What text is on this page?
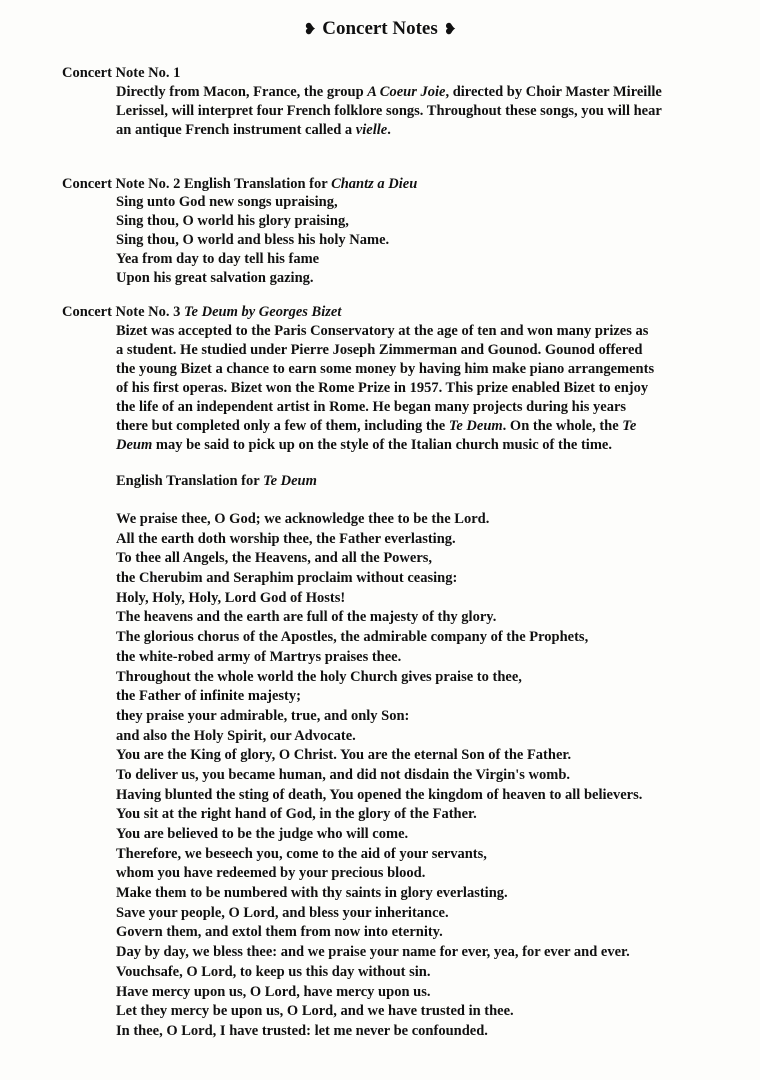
❥ Concert Notes ❥
Concert Note No. 1

Directly from Macon, France, the group A Coeur Joie, directed by Choir Master Mireille

Lerissel, will interpret four French folklore songs. Throughout these songs, you will hear

an antique French instrument called a vielle.

Concert Note No. 2 English Translation for Chantz a Dieu
Sing unto God new songs upraising,
Sing thou, O world his glory praising,
Sing thou, O world and bless his holy Name.
Yea from day to day tell his fame
Upon his great salvation gazing.
Concert Note No. 3 Te Deum by Georges Bizet

Bizet was accepted to the Paris Conservatory at the age of ten and won many prizes as

a student. He studied under Pierre Joseph Zimmerman and Gounod. Gounod offered

the young Bizet a chance to earn some money by having him make piano arrangements

of his first operas. Bizet won the Rome Prize in 1957. This prize enabled Bizet to enjoy

the life of an independent artist in Rome. He began many projects during his years

there but completed only a few of them, including the Te Deum. On the whole, the Te

Deum may be said to pick up on the style of the Italian church music of the time.

English Translation for Te Deum
We praise thee, O God; we acknowledge thee to be the Lord.
All the earth doth worship thee, the Father everlasting.
To thee all Angels, the Heavens, and all the Powers,
the Cherubim and Seraphim proclaim without ceasing:
Holy, Holy, Holy, Lord God of Hosts!
The heavens and the earth are full of the majesty of thy glory.
The glorious chorus of the Apostles, the admirable company of the Prophets,
the white-robed army of Martrys praises thee.
Throughout the whole world the holy Church gives praise to thee,
the Father of infinite majesty;
they praise your admirable, true, and only Son:
and also the Holy Spirit, our Advocate.
You are the King of glory, O Christ. You are the eternal Son of the Father.
To deliver us, you became human, and did not disdain the Virgin's womb.
Having blunted the sting of death, You opened the kingdom of heaven to all believers.
You sit at the right hand of God, in the glory of the Father.
You are believed to be the judge who will come.
Therefore, we beseech you, come to the aid of your servants,
whom you have redeemed by your precious blood.
Make them to be numbered with thy saints in glory everlasting.
Save your people, O Lord, and bless your inheritance.
Govern them, and extol them from now into eternity.
Day by day, we bless thee: and we praise your name for ever, yea, for ever and ever.
Vouchsafe, O Lord, to keep us this day without sin.
Have mercy upon us, O Lord, have mercy upon us.
Let they mercy be upon us, O Lord, and we have trusted in thee.
In thee, O Lord, I have trusted: let me never be confounded.
